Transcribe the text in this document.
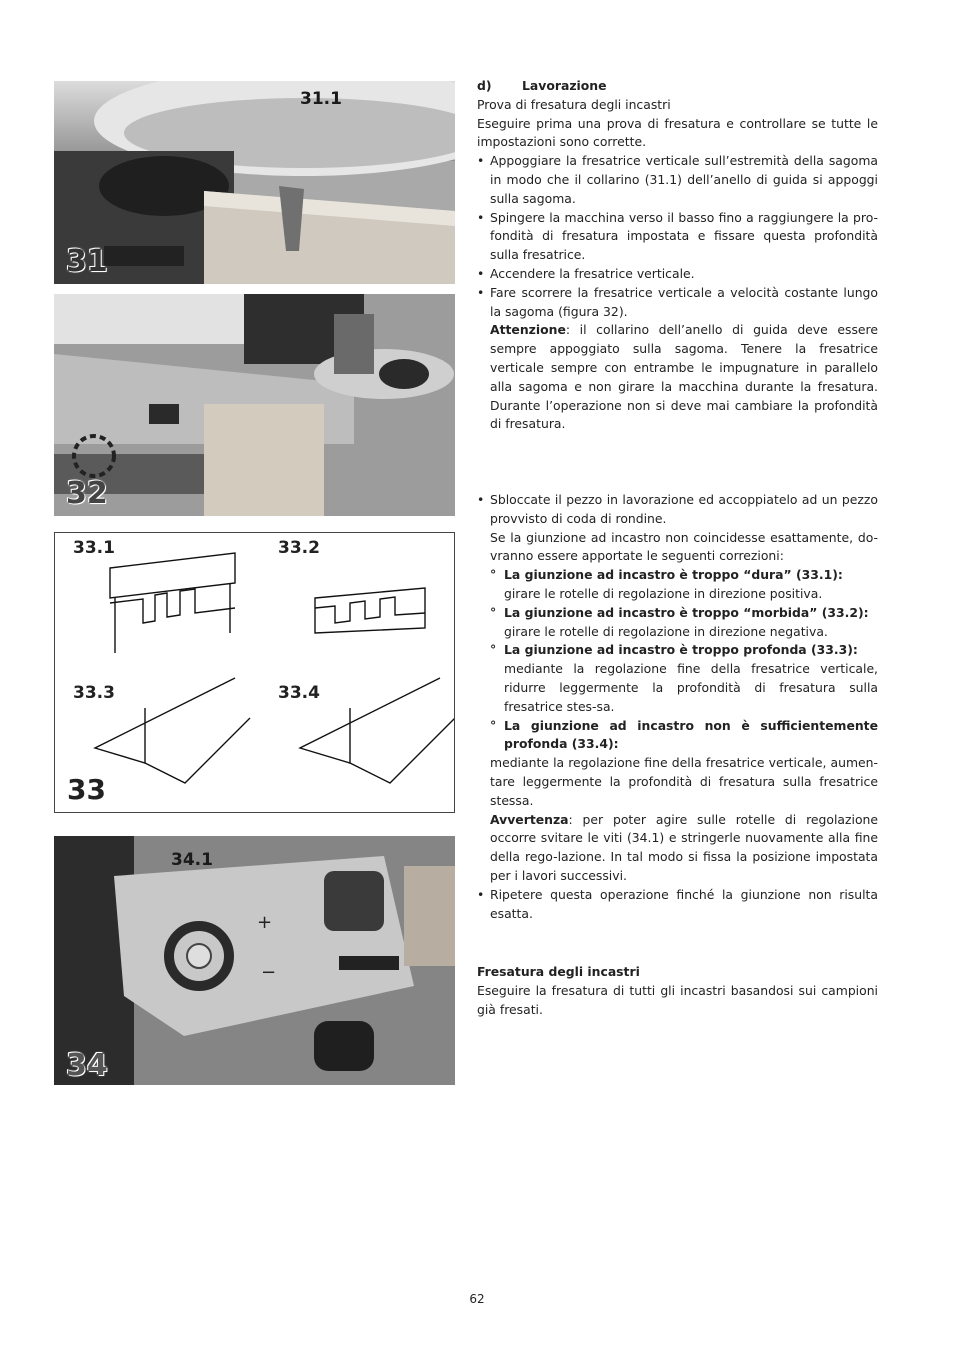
31.1
31
32
33.1	33.2
33.3	33.4
33
34.1
+
−
34

d)	Lavorazione

Prova di fresatura degli incastri

Eseguire prima una prova di fresatura e controllare se tutte le impostazioni sono corrette.

• Appoggiare la fresatrice verticale sull’estremità della sagoma in modo che il collarino (31.1) dell’anello di guida si appoggi sulla sagoma.

• Spingere la macchina verso il basso fino a raggiungere la pro-fondità di fresatura impostata e fissare questa profondità sulla fresatrice.

• Accendere la fresatrice verticale.

• Fare scorrere la fresatrice verticale a velocità costante lungo la sagoma (figura 32).

Attenzione: il collarino dell’anello di guida deve essere sempre appoggiato sulla sagoma. Tenere la fresatrice verticale sempre con entrambe le impugnature in parallelo alla sagoma e non girare la macchina durante la fresatura. Durante l’operazione non si deve mai cambiare la profondità di fresatura.

• Sbloccate il pezzo in lavorazione ed accoppiatelo ad un pezzo provvisto di coda di rondine.

Se la giunzione ad incastro non coincidesse esattamente, do-vranno essere apportate le seguenti correzioni:

° La giunzione ad incastro è troppo “dura” (33.1):

girare le rotelle di regolazione in direzione positiva.

° La giunzione ad incastro è troppo “morbida” (33.2):

girare le rotelle di regolazione in direzione negativa.

° La giunzione ad incastro è troppo profonda (33.3):

mediante la regolazione fine della fresatrice verticale, ridurre leggermente la profondità di fresatura sulla fresatrice stes-sa.

° La giunzione ad incastro non è sufficientemente profonda (33.4):

mediante la regolazione fine della fresatrice verticale, aumen-tare leggermente la profondità di fresatura sulla fresatrice stessa.

Avvertenza: per poter agire sulle rotelle di regolazione occorre svitare le viti (34.1) e stringerle nuovamente alla fine della rego-lazione. In tal modo si fissa la posizione impostata per i lavori successivi.

• Ripetere questa operazione finché la giunzione non risulta esatta.

Fresatura degli incastri

Eseguire la fresatura di tutti gli incastri basandosi sui campioni già fresati.

62
